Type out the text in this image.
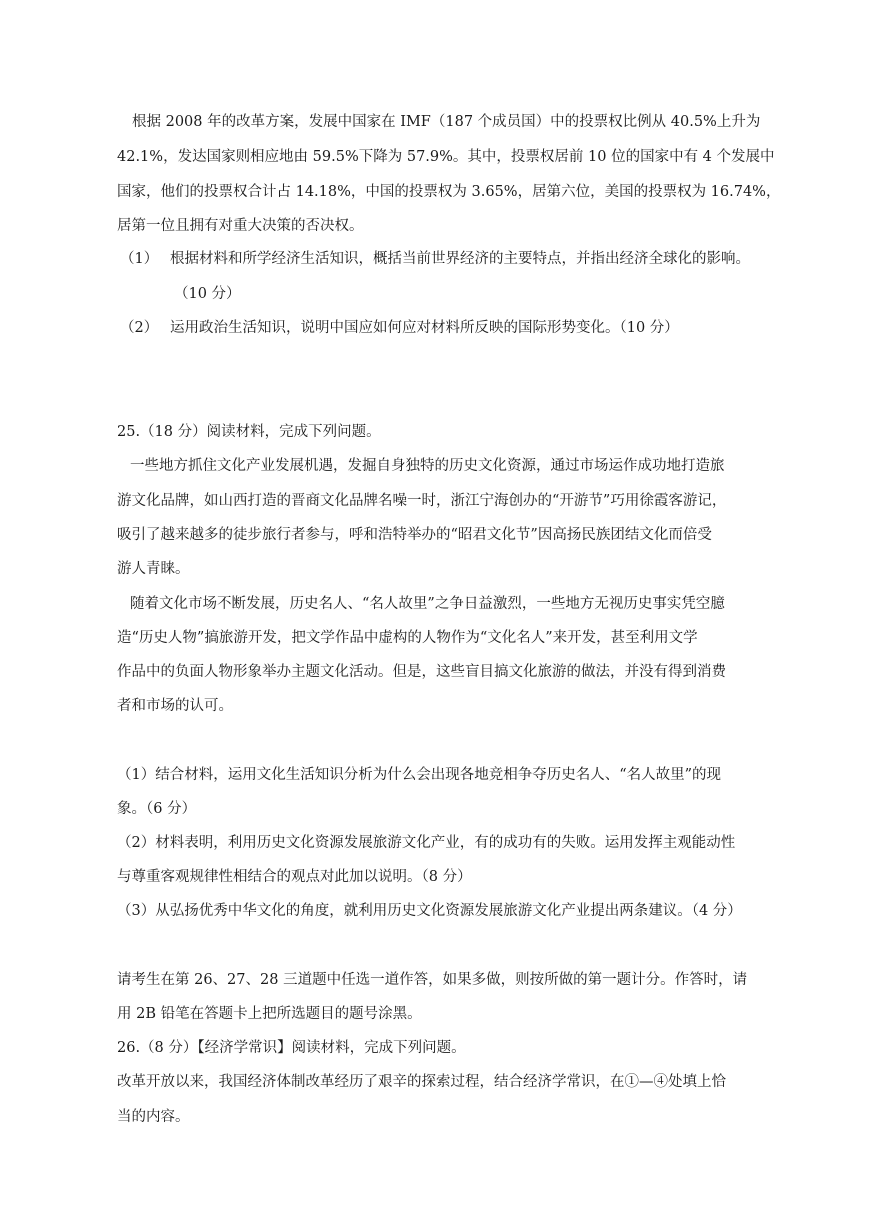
根据 2008 年的改革方案，发展中国家在 IMF（187 个成员国）中的投票权比例从 40.5%上升为
42.1%，发达国家则相应地由 59.5%下降为 57.9%。其中，投票权居前 10 位的国家中有 4 个发展中
国家，他们的投票权合计占 14.18%，中国的投票权为 3.65%，居第六位，美国的投票权为 16.74%，
居第一位且拥有对重大决策的否决权。
（1） 根据材料和所学经济生活知识，概括当前世界经济的主要特点，并指出经济全球化的影响。
（10 分）
（2） 运用政治生活知识，说明中国应如何应对材料所反映的国际形势变化。（10 分）
25.（18 分）阅读材料，完成下列问题。
一些地方抓住文化产业发展机遇，发掘自身独特的历史文化资源，通过市场运作成功地打造旅
游文化品牌，如山西打造的晋商文化品牌名噪一时，浙江宁海创办的“开游节”巧用徐霞客游记，
吸引了越来越多的徒步旅行者参与，呼和浩特举办的“昭君文化节”因高扬民族团结文化而倍受
游人青睐。
随着文化市场不断发展，历史名人、“名人故里”之争日益激烈，一些地方无视历史事实凭空臆
造“历史人物”搞旅游开发，把文学作品中虚构的人物作为“文化名人”来开发，甚至利用文学
作品中的负面人物形象举办主题文化活动。但是，这些盲目搞文化旅游的做法，并没有得到消费
者和市场的认可。
（1）结合材料，运用文化生活知识分析为什么会出现各地竞相争夺历史名人、“名人故里”的现
象。（6 分）
（2）材料表明，利用历史文化资源发展旅游文化产业，有的成功有的失败。运用发挥主观能动性
与尊重客观规律性相结合的观点对此加以说明。（8 分）
（3）从弘扬优秀中华文化的角度，就利用历史文化资源发展旅游文化产业提出两条建议。（4 分）
请考生在第 26、27、28 三道题中任选一道作答，如果多做，则按所做的第一题计分。作答时，请
用 2B 铅笔在答题卡上把所选题目的题号涂黑。
26.（8 分）【经济学常识】阅读材料，完成下列问题。
改革开放以来，我国经济体制改革经历了艰辛的探索过程，结合经济学常识，在①—④处填上恰
当的内容。
